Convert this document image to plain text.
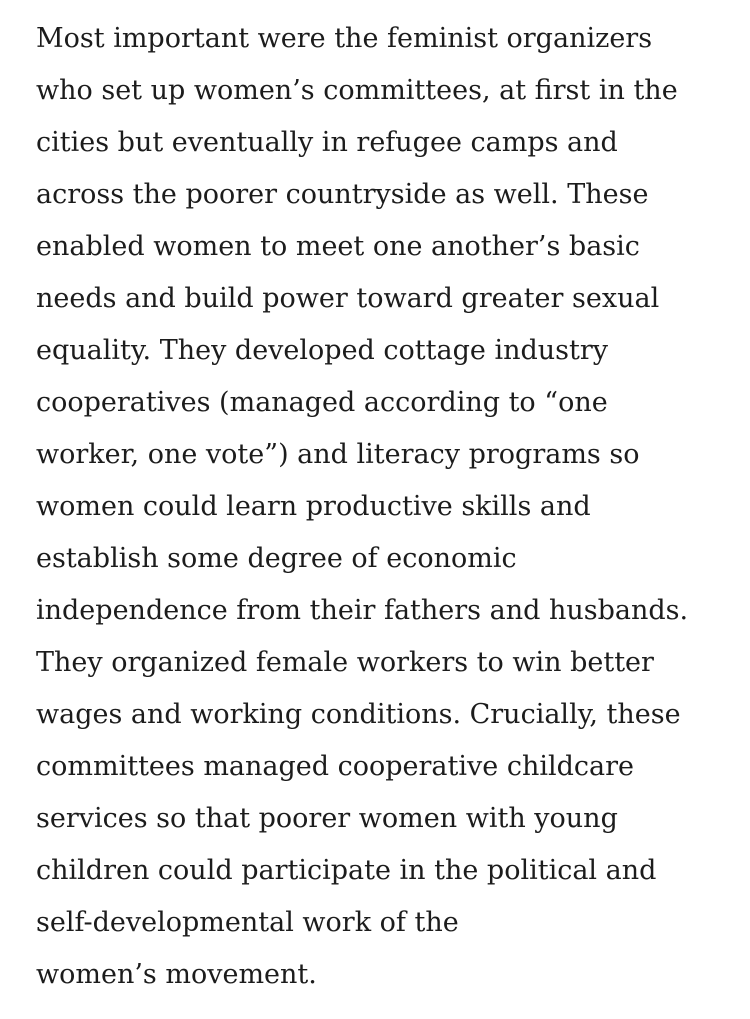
Most important were the feminist organizers
who set up women’s committees, at first in the
cities but eventually in refugee camps and
across the poorer countryside as well. These
enabled women to meet one another’s basic
needs and build power toward greater sexual
equality. They developed cottage industry
cooperatives (managed according to “one
worker, one vote”) and literacy programs so
women could learn productive skills and
establish some degree of economic
independence from their fathers and husbands.
They organized female workers to win better
wages and working conditions. Crucially, these
committees managed cooperative childcare
services so that poorer women with young
children could participate in the political and
self-developmental work of the
women’s movement.
